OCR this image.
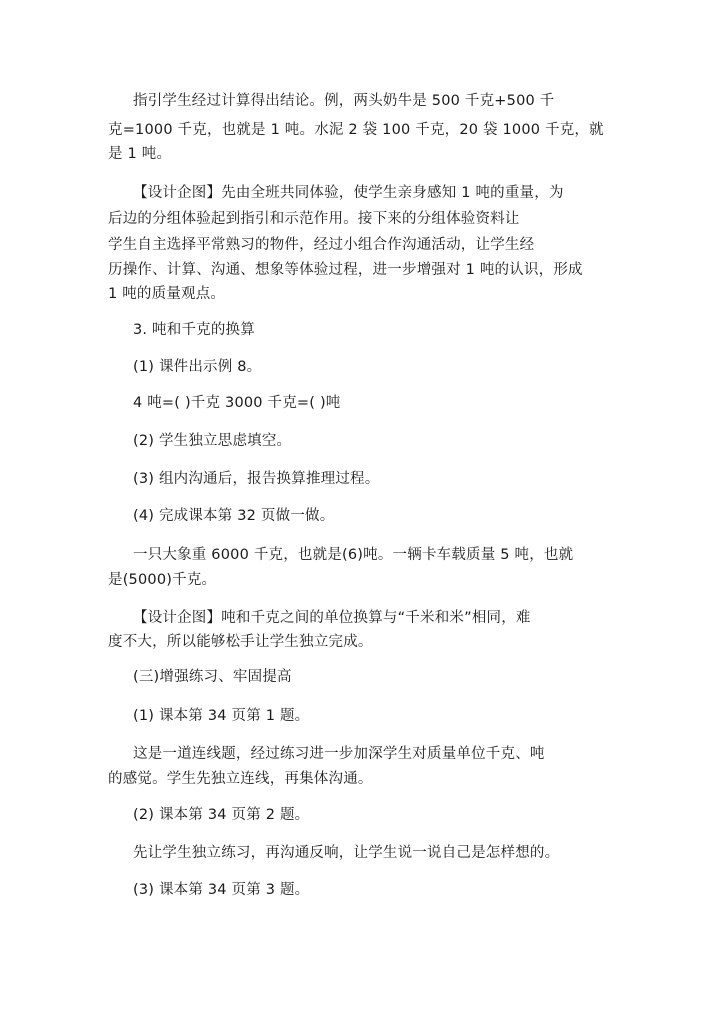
指引学生经过计算得出结论。例，两头奶牛是 500 千克+500 千
克=1000 千克，也就是 1 吨。水泥 2 袋 100 千克，20 袋 1000 千克，就
是 1 吨。
【设计企图】先由全班共同体验，使学生亲身感知 1 吨的重量，为
后边的分组体验起到指引和示范作用。接下来的分组体验资料让
学生自主选择平常熟习的物件，经过小组合作沟通活动，让学生经
历操作、计算、沟通、想象等体验过程，进一步增强对 1 吨的认识，形成
1 吨的质量观点。
3. 吨和千克的换算
(1) 课件出示例 8。
4 吨=( )千克 3000 千克=( )吨
(2) 学生独立思虑填空。
(3) 组内沟通后，报告换算推理过程。
(4) 完成课本第 32 页做一做。
一只大象重 6000 千克，也就是(6)吨。一辆卡车载质量 5 吨，也就
是(5000)千克。
【设计企图】吨和千克之间的单位换算与“千米和米”相同，难
度不大，所以能够松手让学生独立完成。
(三)增强练习、牢固提高
(1) 课本第 34 页第 1 题。
这是一道连线题，经过练习进一步加深学生对质量单位千克、吨
的感觉。学生先独立连线，再集体沟通。
(2) 课本第 34 页第 2 题。
先让学生独立练习，再沟通反响，让学生说一说自己是怎样想的。
(3) 课本第 34 页第 3 题。
